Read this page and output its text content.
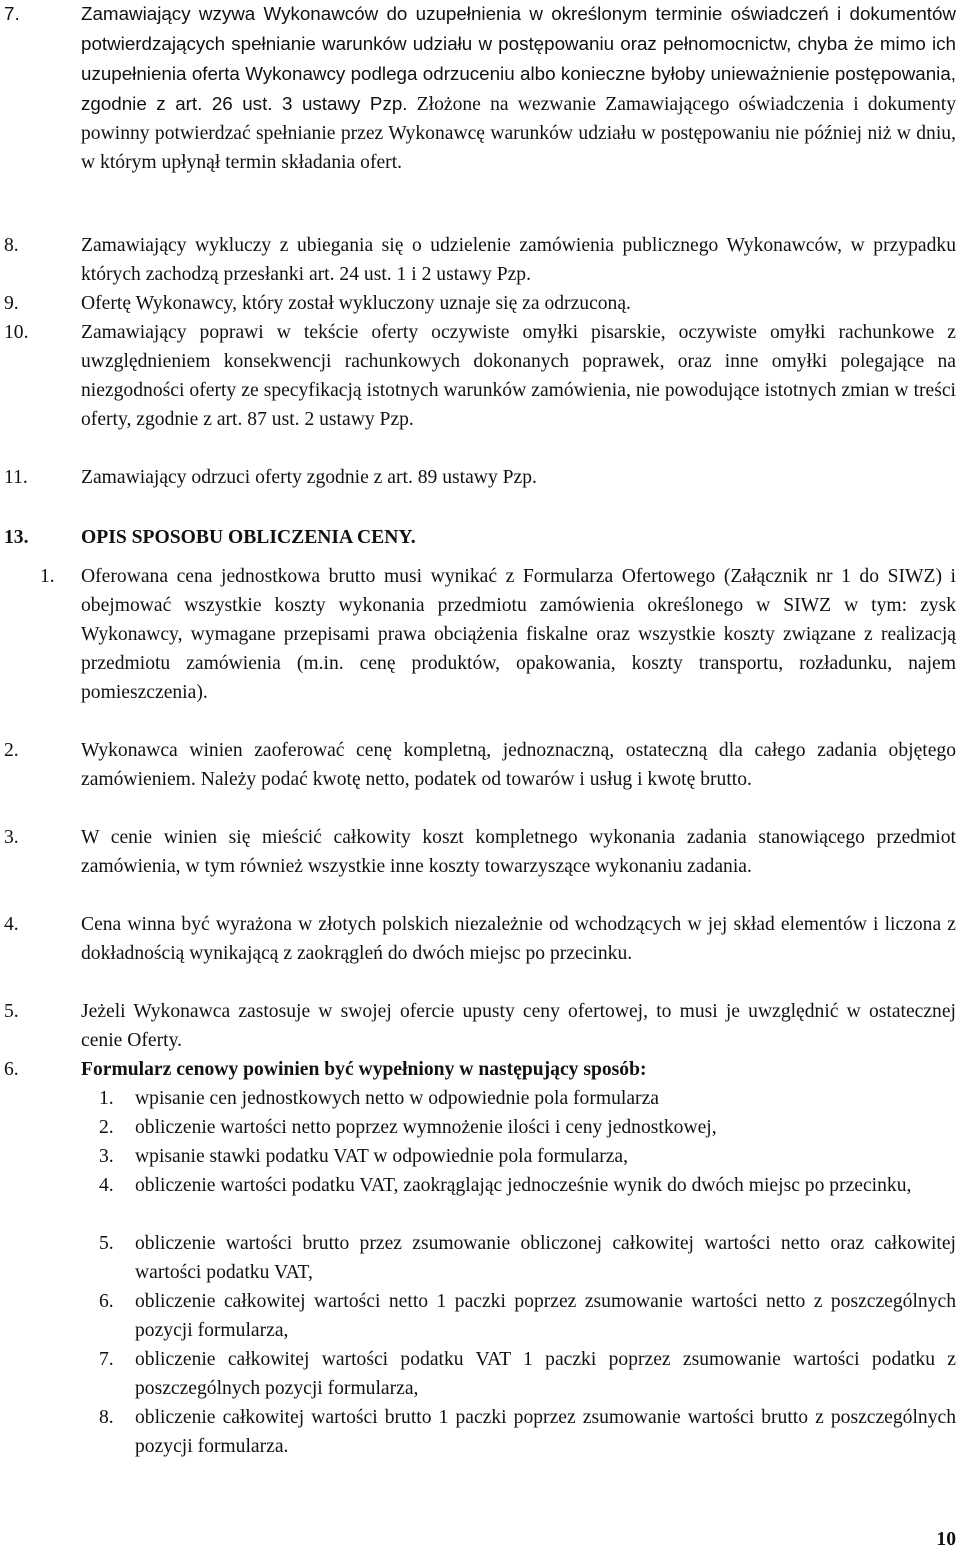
7.	Zamawiający wzywa Wykonawców do uzupełnienia w określonym terminie oświadczeń i dokumentów potwierdzających spełnianie warunków udziału w postępowaniu oraz pełnomocnictw, chyba że mimo ich uzupełnienia oferta Wykonawcy podlega odrzuceniu albo konieczne byłoby unieważnienie postępowania, zgodnie z art. 26 ust. 3 ustawy Pzp. Złożone na wezwanie Zamawiającego oświadczenia i dokumenty powinny potwierdzać spełnianie przez Wykonawcę warunków udziału w postępowaniu nie później niż w dniu, w którym upłynął termin składania ofert.
8.	Zamawiający wykluczy z ubiegania się o udzielenie zamówienia publicznego Wykonawców, w przypadku których zachodzą przesłanki art. 24 ust. 1 i 2 ustawy Pzp.
9.	Ofertę Wykonawcy, który został wykluczony uznaje się za odrzuconą.
10.	Zamawiający poprawi w tekście oferty oczywiste omyłki pisarskie, oczywiste omyłki rachunkowe z uwzględnieniem konsekwencji rachunkowych dokonanych poprawek, oraz inne omyłki polegające na niezgodności oferty ze specyfikacją istotnych warunków zamówienia, nie powodujące istotnych zmian w treści oferty, zgodnie z art. 87 ust. 2 ustawy Pzp.
11.	Zamawiający odrzuci oferty zgodnie z art. 89 ustawy Pzp.
13.	OPIS SPOSOBU OBLICZENIA CENY.
1. Oferowana cena jednostkowa brutto musi wynikać z Formularza Ofertowego (Załącznik nr 1 do SIWZ) i obejmować wszystkie koszty wykonania przedmiotu zamówienia określonego w SIWZ w tym: zysk Wykonawcy, wymagane przepisami prawa obciążenia fiskalne oraz wszystkie koszty związane z realizacją przedmiotu zamówienia (m.in. cenę produktów, opakowania, koszty transportu, rozładunku, najem pomieszczenia).
2.	Wykonawca winien zaoferować cenę kompletną, jednoznaczną, ostateczną dla całego zadania objętego zamówieniem. Należy podać kwotę netto, podatek od towarów i usług i kwotę brutto.
3.	W cenie winien się mieścić całkowity koszt kompletnego wykonania zadania stanowiącego przedmiot zamówienia, w tym również wszystkie inne koszty towarzyszące wykonaniu zadania.
4.	Cena winna być wyrażona w złotych polskich niezależnie od wchodzących w jej skład elementów i liczona z dokładnością wynikającą z zaokrągleń do dwóch miejsc po przecinku.
5.	Jeżeli Wykonawca zastosuje w swojej ofercie upusty ceny ofertowej, to musi je uwzględnić w ostatecznej cenie Oferty.
6.	Formularz cenowy powinien być wypełniony w następujący sposób:
1. wpisanie cen jednostkowych netto w odpowiednie pola formularza
2. obliczenie wartości netto poprzez wymnożenie ilości i ceny jednostkowej,
3. wpisanie stawki podatku VAT w odpowiednie pola formularza,
4. obliczenie wartości podatku VAT, zaokrąglając jednocześnie wynik do dwóch miejsc po przecinku,
5. obliczenie wartości brutto przez zsumowanie obliczonej całkowitej wartości netto oraz całkowitej wartości podatku VAT,
6. obliczenie całkowitej wartości netto 1 paczki poprzez zsumowanie wartości netto z poszczególnych pozycji formularza,
7. obliczenie całkowitej wartości podatku VAT 1 paczki poprzez zsumowanie wartości podatku z poszczególnych pozycji formularza,
8. obliczenie całkowitej wartości brutto 1 paczki poprzez zsumowanie wartości brutto z poszczególnych pozycji formularza.
10
